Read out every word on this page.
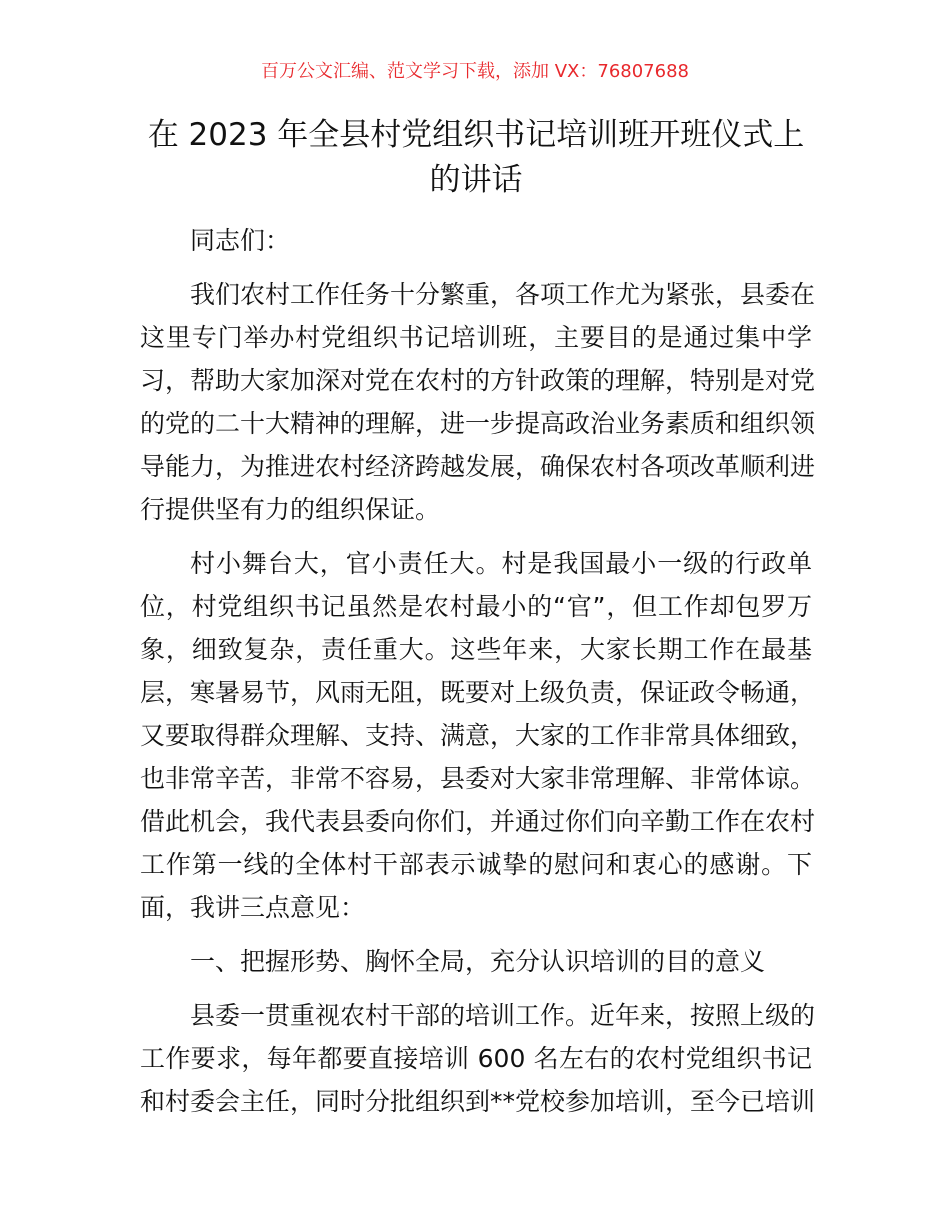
百万公文汇编、范文学习下载，添加 VX：76807688
在 2023 年全县村党组织书记培训班开班仪式上
的讲话
同志们：
我们农村工作任务十分繁重，各项工作尤为紧张，县委在
这里专门举办村党组织书记培训班，主要目的是通过集中学
习，帮助大家加深对党在农村的方针政策的理解，特别是对党
的党的二十大精神的理解，进一步提高政治业务素质和组织领
导能力，为推进农村经济跨越发展，确保农村各项改革顺利进
行提供坚有力的组织保证。
村小舞台大，官小责任大。村是我国最小一级的行政单
位，村党组织书记虽然是农村最小的“官”，但工作却包罗万
象，细致复杂，责任重大。这些年来，大家长期工作在最基
层，寒暑易节，风雨无阻，既要对上级负责，保证政令畅通，
又要取得群众理解、支持、满意，大家的工作非常具体细致，
也非常辛苦，非常不容易，县委对大家非常理解、非常体谅。
借此机会，我代表县委向你们，并通过你们向辛勤工作在农村
工作第一线的全体村干部表示诚挚的慰问和衷心的感谢。下
面，我讲三点意见：
一、把握形势、胸怀全局，充分认识培训的目的意义
县委一贯重视农村干部的培训工作。近年来，按照上级的
工作要求，每年都要直接培训 600 名左右的农村党组织书记
和村委会主任，同时分批组织到**党校参加培训，至今已培训
